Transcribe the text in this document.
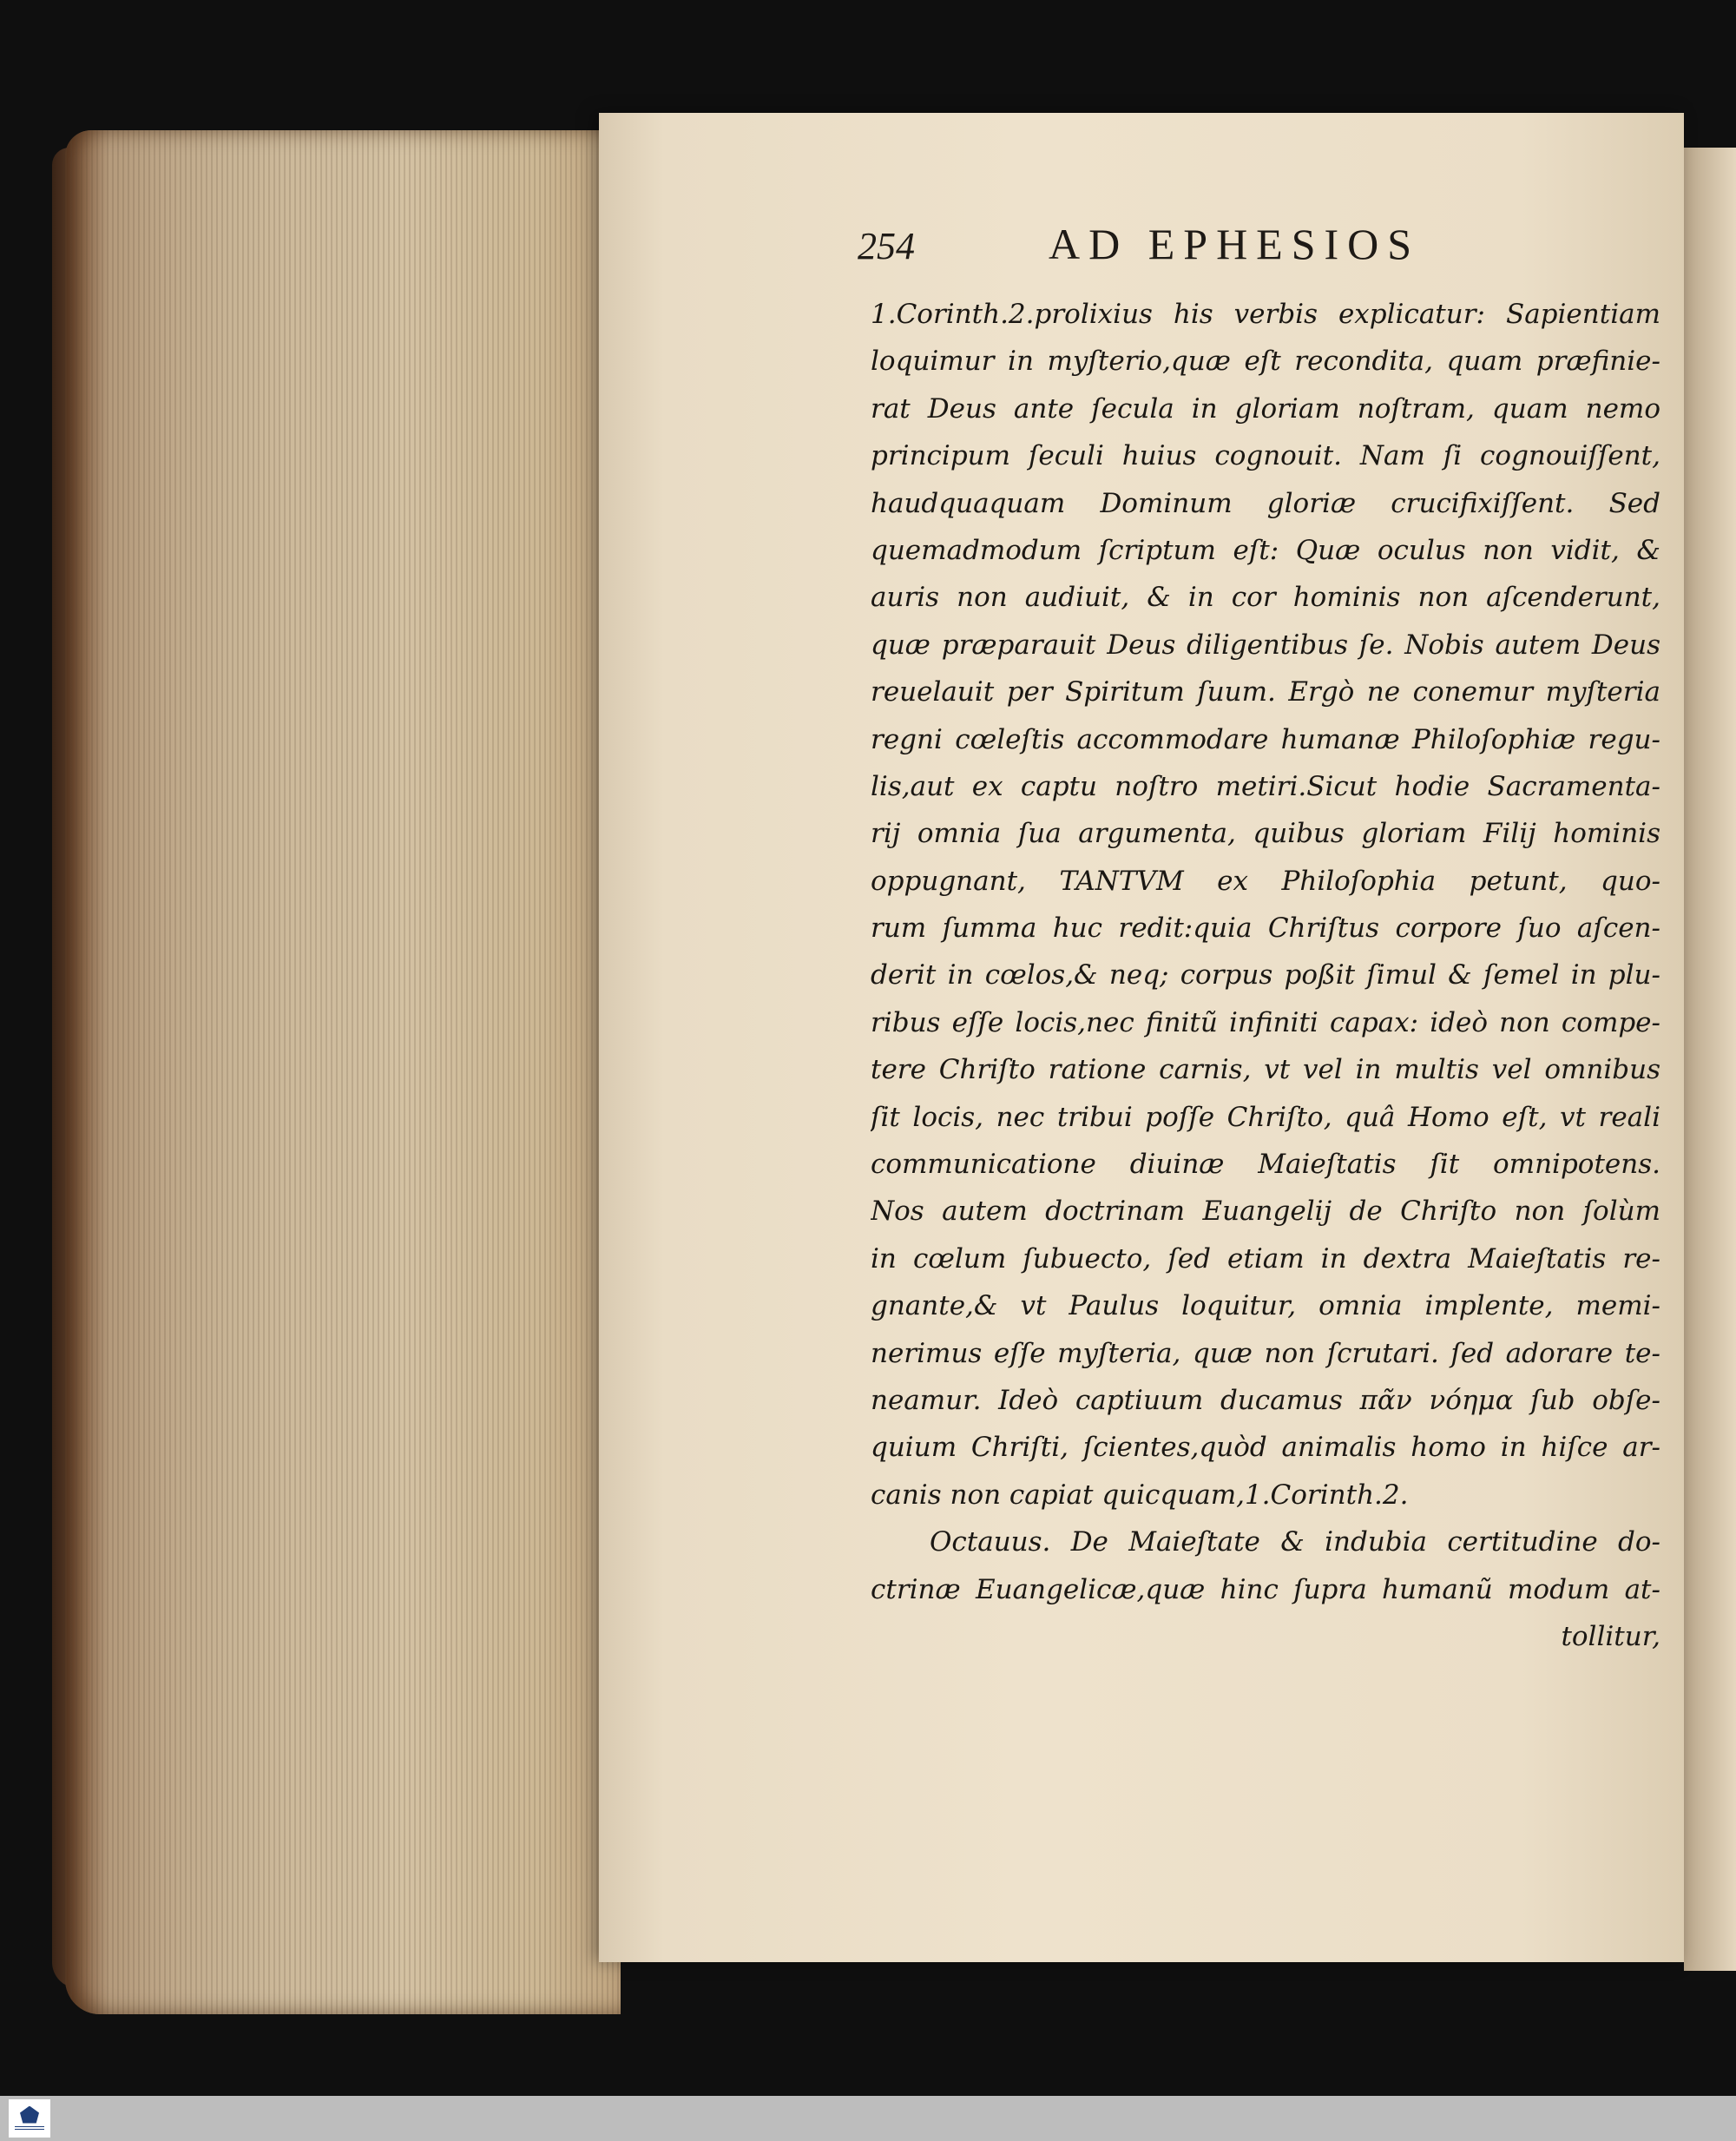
254	AD EPHESIOS
1.Corinth.2.prolixius his verbis explicatur: Sapientiam
loquimur in myſterio,quæ eſt recondita, quam præfinie-
rat Deus ante ſecula in gloriam noſtram, quam nemo
principum ſeculi huius cognouit. Nam ſi cognouiſſent,
haudquaquam Dominum gloriæ crucifixiſſent. Sed
quemadmodum ſcriptum eſt: Quæ oculus non vidit, &
auris non audiuit, & in cor hominis non aſcenderunt,
quæ præparauit Deus diligentibus ſe. Nobis autem Deus
reuelauit per Spiritum ſuum. Ergò ne conemur myſteria
regni cœleſtis accommodare humanæ Philoſophiæ regu-
lis,aut ex captu noſtro metiri.Sicut hodie Sacramenta-
rij omnia ſua argumenta, quibus gloriam Filij hominis
oppugnant, TANTVM ex Philoſophia petunt, quo-
rum ſumma huc redit:quia Chriſtus corpore ſuo aſcen-
derit in cœlos,& neq; corpus poßit ſimul & ſemel in plu-
ribus eſſe locis,nec finitũ infiniti capax: ideò non compe-
tere Chriſto ratione carnis, vt vel in multis vel omnibus
ſit locis, nec tribui poſſe Chriſto, quâ Homo eſt, vt reali
communicatione diuinæ Maieſtatis ſit omnipotens.
Nos autem doctrinam Euangelij de Chriſto non ſolùm
in cœlum ſubuecto, ſed etiam in dextra Maieſtatis re-
gnante,& vt Paulus loquitur, omnia implente, memi-
nerimus eſſe myſteria, quæ non ſcrutari. ſed adorare te-
neamur. Ideò captiuum ducamus πᾶν νόημα ſub obſe-
quium Chriſti, ſcientes,quòd animalis homo in hiſce ar-
canis non capiat quicquam,1.Corinth.2.
Octauus. De Maieſtate & indubia certitudine do-
ctrinæ Euangelicæ,quæ hinc ſupra humanũ modum at-
tollitur,
